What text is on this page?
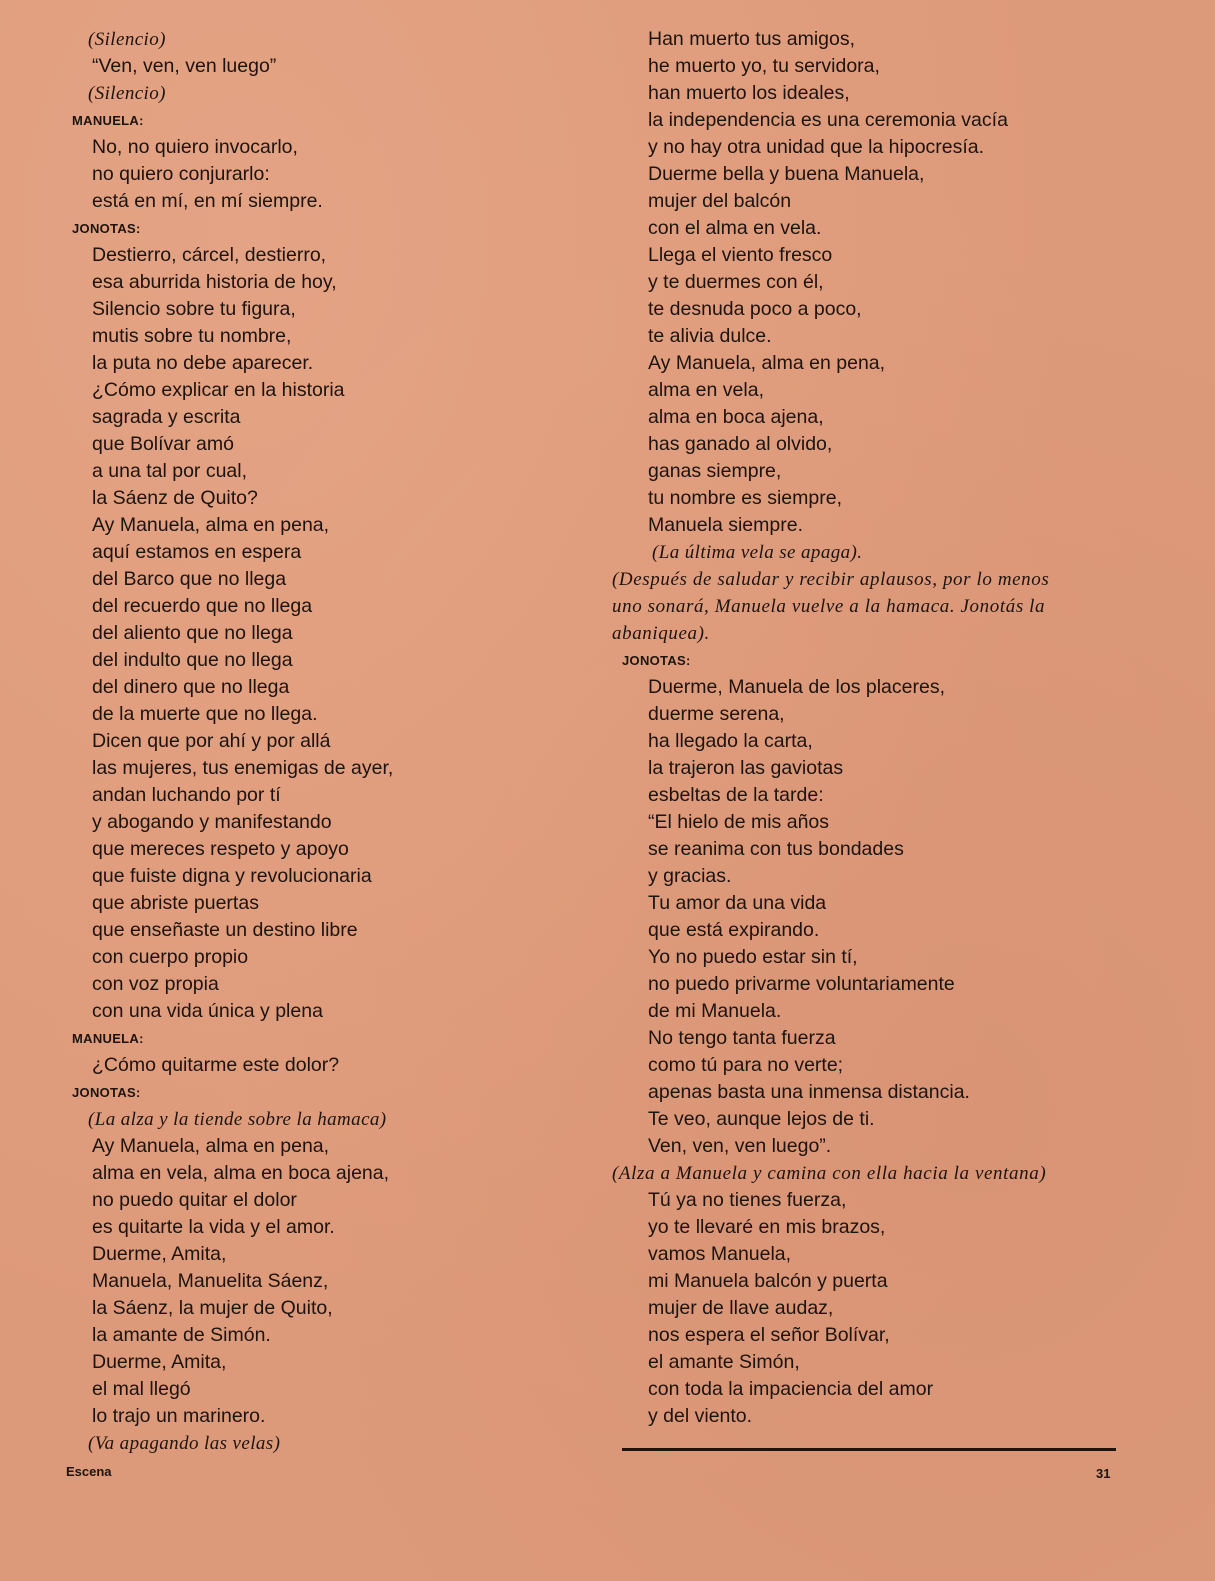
(Silencio)
“Ven, ven, ven luego”
(Silencio)
MANUELA:
No, no quiero invocarlo,
no quiero conjurarlo:
está en mí, en mí siempre.
JONOTAS:
Destierro, cárcel, destierro,
esa aburrida historia de hoy,
Silencio sobre tu figura,
mutis sobre tu nombre,
la puta no debe aparecer.
¿Cómo explicar en la historia
sagrada y escrita
que Bolívar amó
a una tal por cual,
la Sáenz de Quito?
Ay Manuela, alma en pena,
aquí estamos en espera
del Barco que no llega
del recuerdo que no llega
del aliento que no llega
del indulto que no llega
del dinero que no llega
de la muerte que no llega.
Dicen que por ahí y por allá
las mujeres, tus enemigas de ayer,
andan luchando por tí
y abogando y manifestando
que mereces respeto y apoyo
que fuiste digna y revolucionaria
que abriste puertas
que enseñaste un destino libre
con cuerpo propio
con voz propia
con una vida única y plena
MANUELA:
¿Cómo quitarme este dolor?
JONOTAS:
(La alza y la tiende sobre la hamaca)
Ay Manuela, alma en pena,
alma en vela, alma en boca ajena,
no puedo quitar el dolor
es quitarte la vida y el amor.
Duerme, Amita,
Manuela, Manuelita Sáenz,
la Sáenz, la mujer de Quito,
la amante de Simón.
Duerme, Amita,
el mal llegó
lo trajo un marinero.
(Va apagando las velas)
Han muerto tus amigos,
he muerto yo, tu servidora,
han muerto los ideales,
la independencia es una ceremonia vacía
y no hay otra unidad que la hipocresía.
Duerme bella y buena Manuela,
mujer del balcón
con el alma en vela.
Llega el viento fresco
y te duermes con él,
te desnuda poco a poco,
te alivia dulce.
Ay Manuela, alma en pena,
alma en vela,
alma en boca ajena,
has ganado al olvido,
ganas siempre,
tu nombre es siempre,
Manuela siempre.
(La última vela se apaga).
(Después de saludar y recibir aplausos, por lo menos
uno sonará, Manuela vuelve a la hamaca. Jonotás la
abaniquea).
JONOTAS:
Duerme, Manuela de los placeres,
duerme serena,
ha llegado la carta,
la trajeron las gaviotas
esbeltas de la tarde:
“El hielo de mis años
se reanima con tus bondades
y gracias.
Tu amor da una vida
que está expirando.
Yo no puedo estar sin tí,
no puedo privarme voluntariamente
de mi Manuela.
No tengo tanta fuerza
como tú para no verte;
apenas basta una inmensa distancia.
Te veo, aunque lejos de ti.
Ven, ven, ven luego”.
(Alza a Manuela y camina con ella hacia la ventana)
Tú ya no tienes fuerza,
yo te llevaré en mis brazos,
vamos Manuela,
mi Manuela balcón y puerta
mujer de llave audaz,
nos espera el señor Bolívar,
el amante Simón,
con toda la impaciencia del amor
y del viento.
Escena	31
